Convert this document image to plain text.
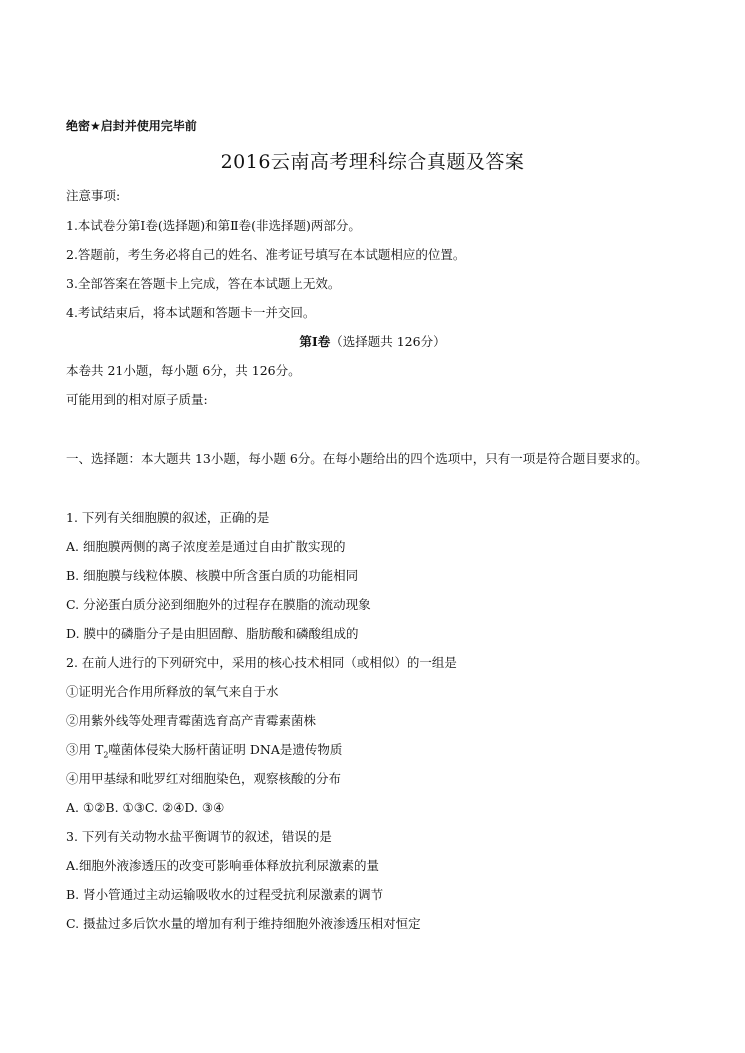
绝密★启封并使用完毕前
2016云南高考理科综合真题及答案
注意事项:
1.本试卷分第Ⅰ卷(选择题)和第Ⅱ卷(非选择题)两部分。
2.答题前，考生务必将自己的姓名、准考证号填写在本试题相应的位置。
3.全部答案在答题卡上完成，答在本试题上无效。
4.考试结束后，将本试题和答题卡一并交回。
第Ⅰ卷（选择题共 126分）
本卷共 21小题，每小题 6分，共 126分。
可能用到的相对原子质量:
一、选择题：本大题共 13小题，每小题 6分。在每小题给出的四个选项中，只有一项是符合题目要求的。
1. 下列有关细胞膜的叙述，正确的是
A. 细胞膜两侧的离子浓度差是通过自由扩散实现的
B. 细胞膜与线粒体膜、核膜中所含蛋白质的功能相同
C. 分泌蛋白质分泌到细胞外的过程存在膜脂的流动现象
D. 膜中的磷脂分子是由胆固醇、脂肪酸和磷酸组成的
2. 在前人进行的下列研究中，采用的核心技术相同（或相似）的一组是
①证明光合作用所释放的氧气来自于水
②用紫外线等处理青霉菌选育高产青霉素菌株
③用 $T_2$噬菌体侵染大肠杆菌证明 DNA是遗传物质
④用甲基绿和吡罗红对细胞染色，观察核酸的分布
A. ①②B. ①③C. ②④D. ③④
3. 下列有关动物水盐平衡调节的叙述，错误的是
A.细胞外液渗透压的改变可影响垂体释放抗利尿激素的量
B. 肾小管通过主动运输吸收水的过程受抗利尿激素的调节
C. 摄盐过多后饮水量的增加有利于维持细胞外液渗透压相对恒定
